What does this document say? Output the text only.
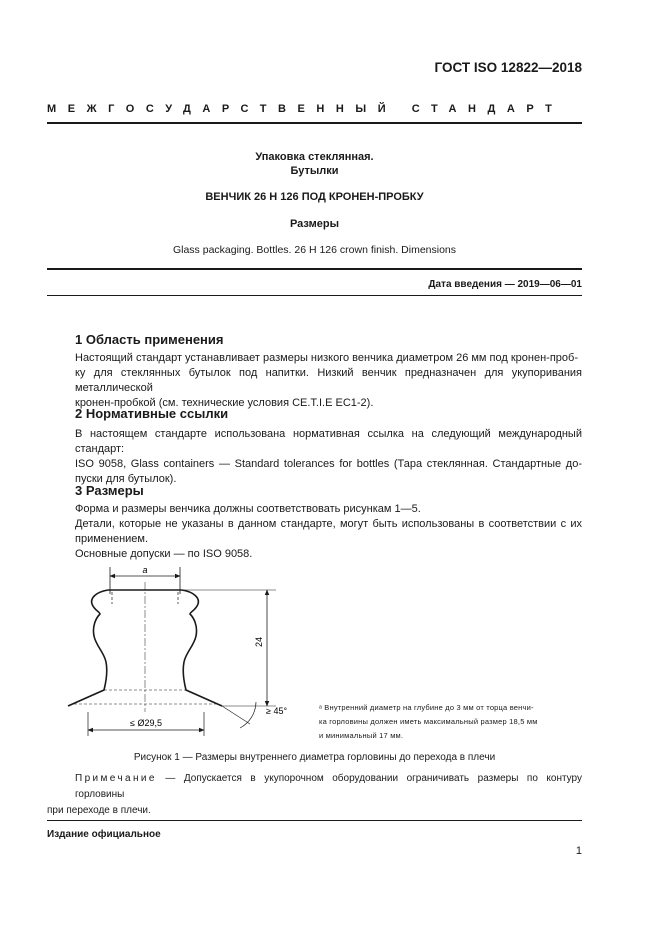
ГОСТ ISO 12822—2018
МЕЖГОСУДАРСТВЕННЫЙ СТАНДАРТ
Упаковка стеклянная.
Бутылки
ВЕНЧИК 26 Н 126 ПОД КРОНЕН-ПРОБКУ
Размеры
Glass packaging. Bottles. 26 H 126 crown finish. Dimensions
Дата введения — 2019—06—01
1 Область применения

Настоящий стандарт устанавливает размеры низкого венчика диаметром 26 мм под кронен-проб-

ку для стеклянных бутылок под напитки. Низкий венчик предназначен для укупоривания металлической

кронен-пробкой (см. технические условия CE.T.I.E EC1-2).

2 Нормативные ссылки

В настоящем стандарте использована нормативная ссылка на следующий международный стандарт:

ISO 9058, Glass containers — Standard tolerances for bottles (Тара стеклянная. Стандартные до-

пуски для бутылок).

3 Размеры

Форма и размеры венчика должны соответствовать рисункам 1—5.

Детали, которые не указаны в данном стандарте, могут быть использованы в соответствии с их

применением.

Основные допуски — по ISO 9058.

a
24
≤ Ø29,5
≥ 45°	ᵃ Внутренний диаметр на глубине до 3 мм от торца венчи-
ка горловины должен иметь максимальный размер 18,5 мм
и минимальный 17 мм.
Рисунок 1 — Размеры внутреннего диаметра горловины до перехода в плечи
Примечание — Допускается в укупорочном оборудовании ограничивать размеры по контуру горловины
при переходе в плечи.
Издание официальное
1
